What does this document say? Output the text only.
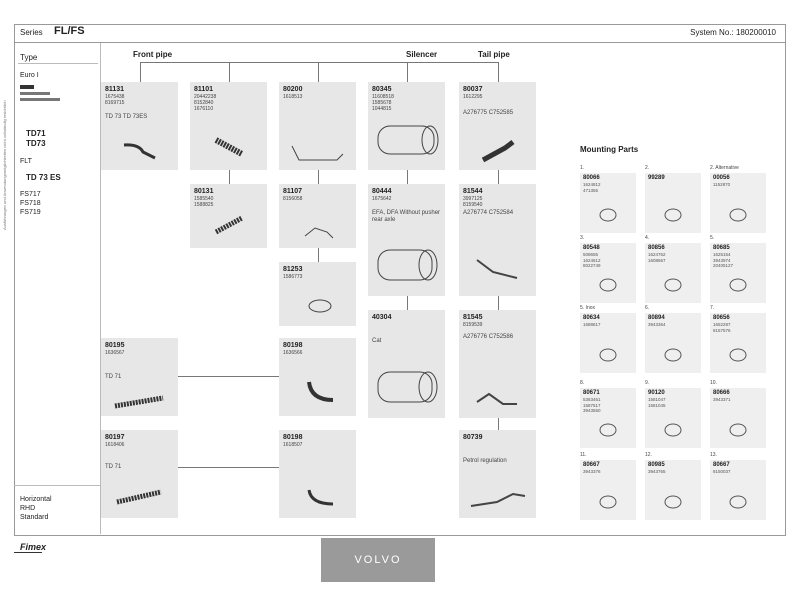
Series FL/FS	System No.: 180200010
Ausführungen und Anwendungsmöglichkeiten nicht vollständig ersichtlich
Type
Euro I
TD71
TD73
FLT
TD 73 ES
FS717
FS718
FS719
Horizontal
RHD
Standard
Front pipe	Silencer	Tail pipe
81131
1675438
8169715
TD 73 TD 73ES
81101
20442238
8152840
1676110
80200
1618513
80345
11608518
1585678
1044815
80037
1612295
A276775 C752585
80131
1585540
1588825
81107
8156058
80444
1675642
EFA, DFA Without pusher rear axle
81544
3997125
8159540
A276774 C752584
81253
1586773
40304
Cat
81545
8159539
A276776 C752586
80195
1636567
TD 71
80198
1636566
80197
1618406
TD 71
80198
1618507
80739
Petrol regulation
Mounting Parts
1.
80066
1624812
471355
2.
99289
2. Alternative
00056
1152870
3.
80548
508655
1624612
8022749
4.
80856
1624762
1608567
5.
80685
1625154
3943974
20405127
5. Inox
80634
1588617
6.
80894
3943364
7.
80656
1652287
8157576
8.
80671
5363461
1587517
3943550
9.
90120
1581047
1581045
10.
80666
3943371
11.
80667
3943376
12.
80985
3943765
13.
80667
8150037
Fimex
VOLVO
